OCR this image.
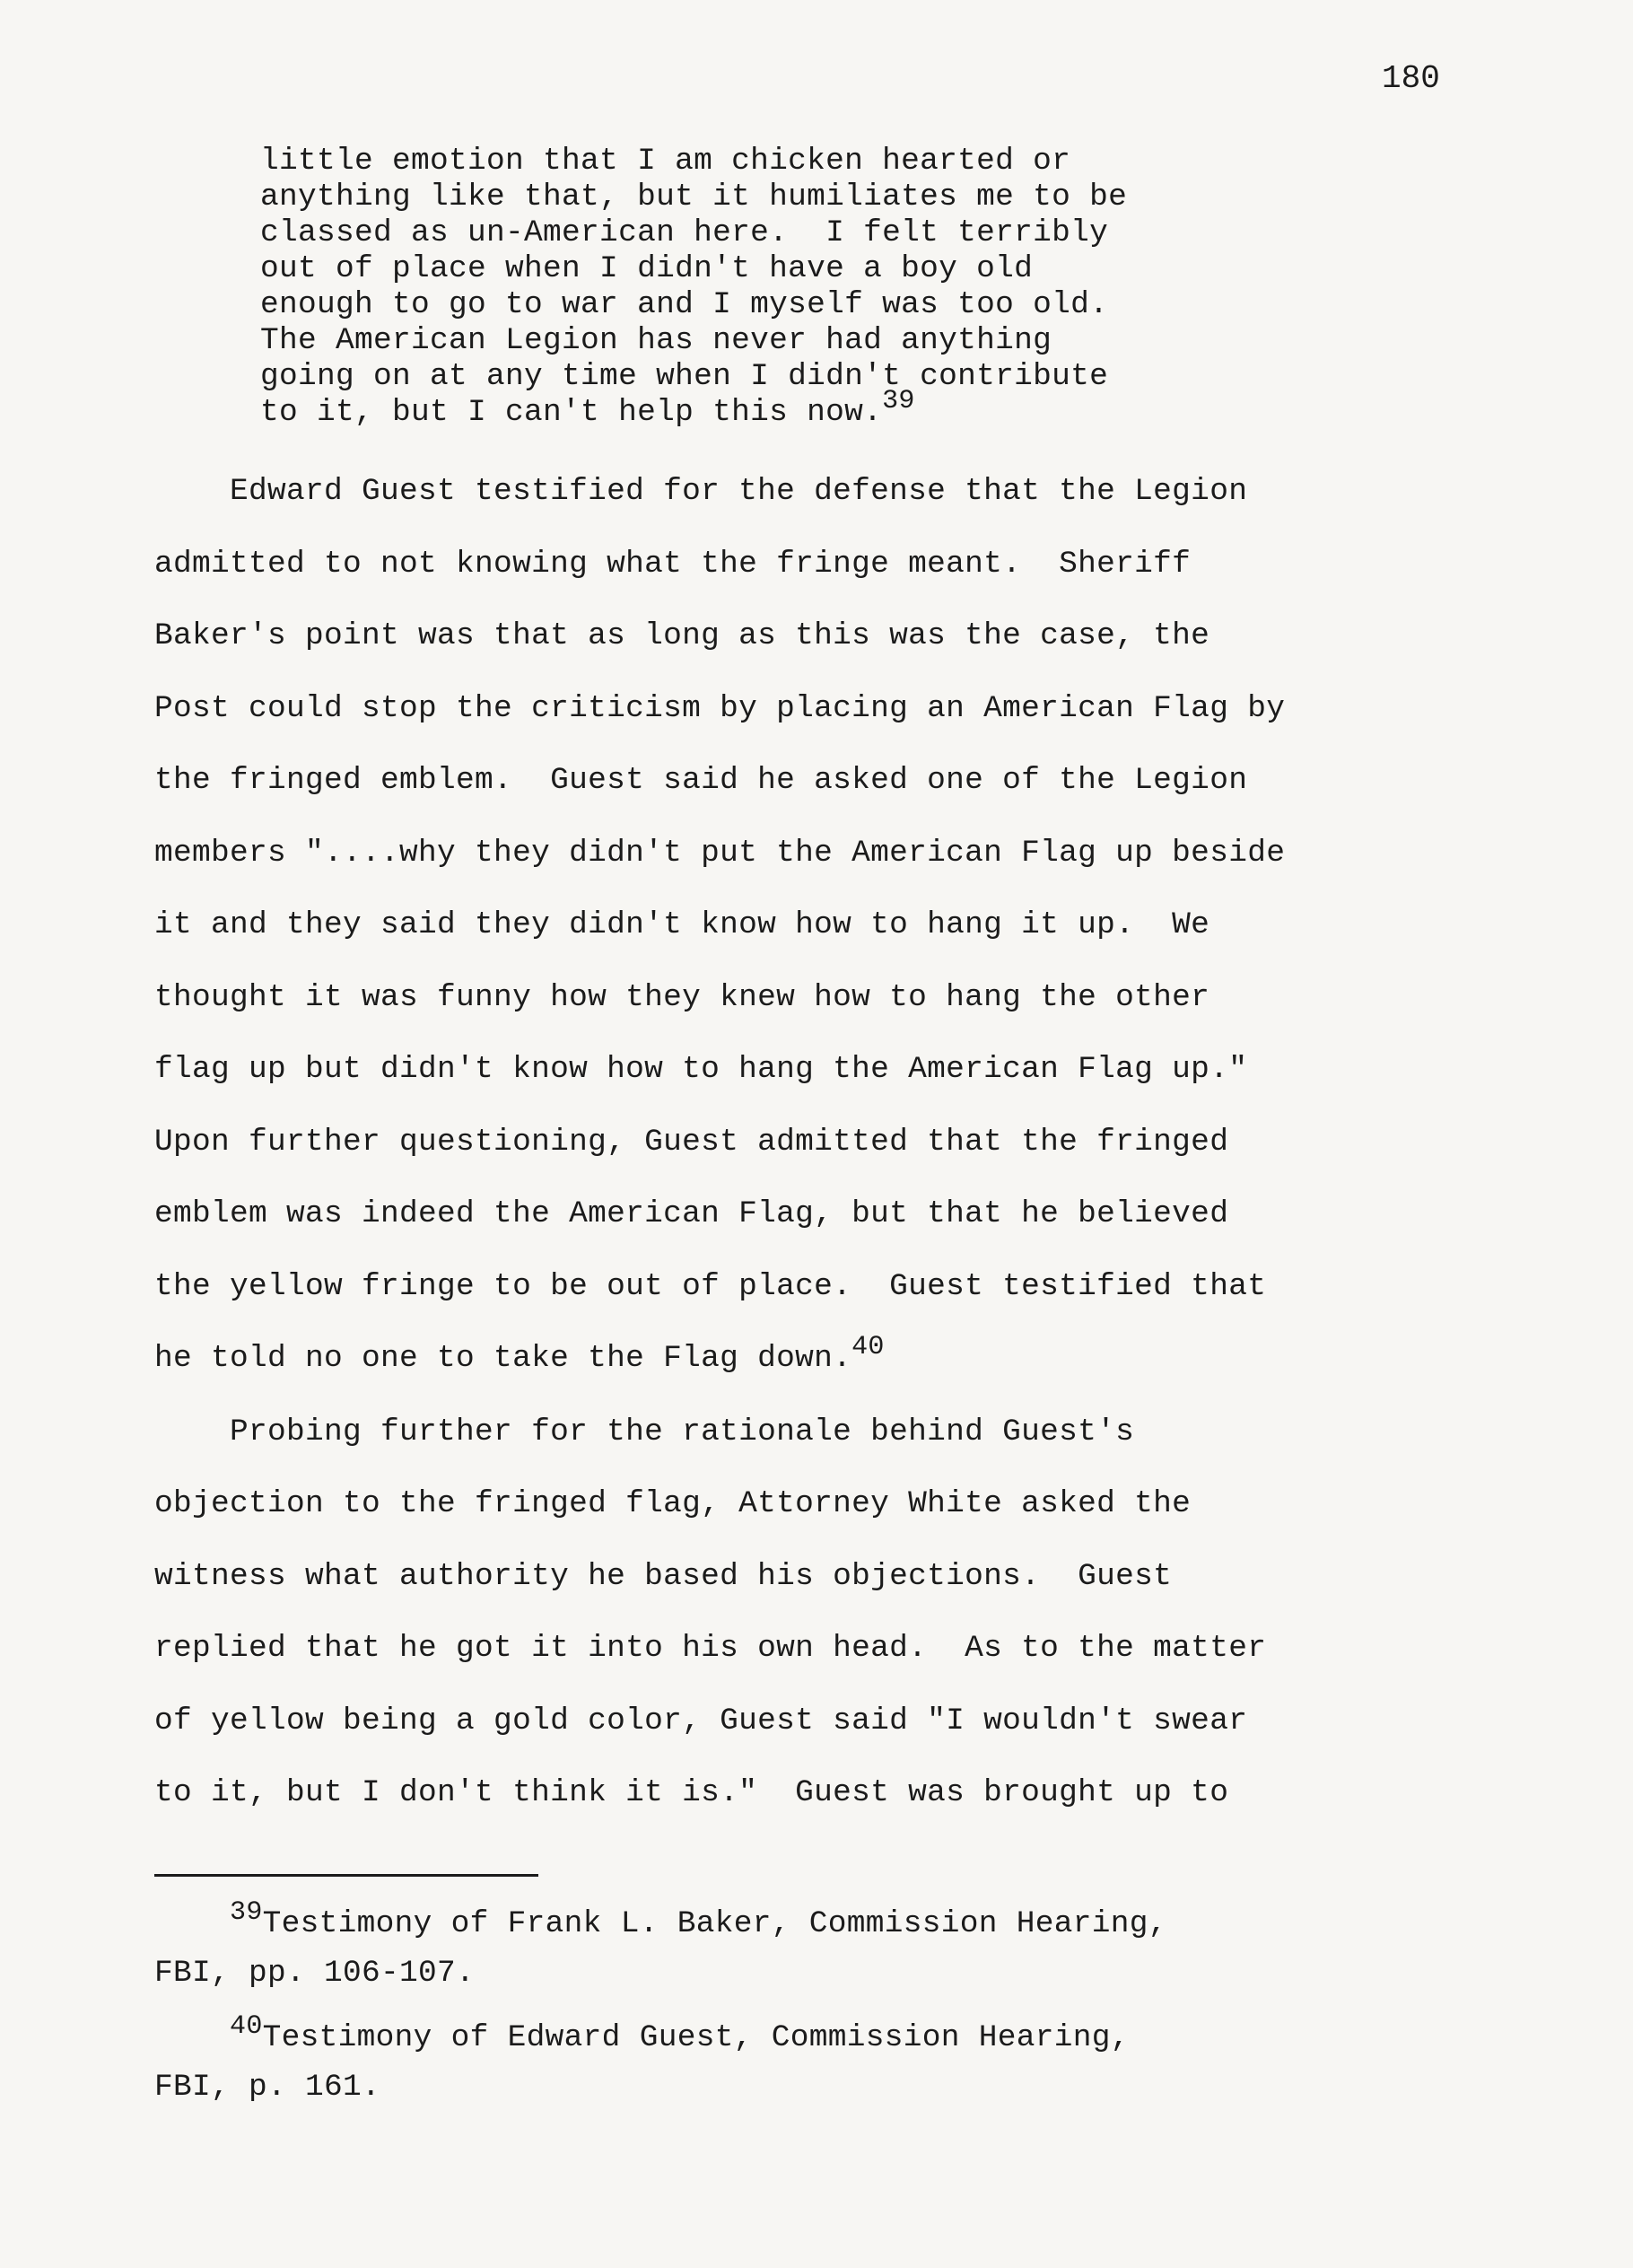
180
little emotion that I am chicken hearted or
anything like that, but it humiliates me to be
classed as un-American here.  I felt terribly
out of place when I didn't have a boy old
enough to go to war and I myself was too old.
The American Legion has never had anything
going on at any time when I didn't contribute
to it, but I can't help this now.39
Edward Guest testified for the defense that the Legion
admitted to not knowing what the fringe meant.  Sheriff
Baker's point was that as long as this was the case, the
Post could stop the criticism by placing an American Flag by
the fringed emblem.  Guest said he asked one of the Legion
members "....why they didn't put the American Flag up beside
it and they said they didn't know how to hang it up.  We
thought it was funny how they knew how to hang the other
flag up but didn't know how to hang the American Flag up."
Upon further questioning, Guest admitted that the fringed
emblem was indeed the American Flag, but that he believed
the yellow fringe to be out of place.  Guest testified that
he told no one to take the Flag down.40
Probing further for the rationale behind Guest's
objection to the fringed flag, Attorney White asked the
witness what authority he based his objections.  Guest
replied that he got it into his own head.  As to the matter
of yellow being a gold color, Guest said "I wouldn't swear
to it, but I don't think it is."  Guest was brought up to
39Testimony of Frank L. Baker, Commission Hearing,
FBI, pp. 106-107.
40Testimony of Edward Guest, Commission Hearing,
FBI, p. 161.
